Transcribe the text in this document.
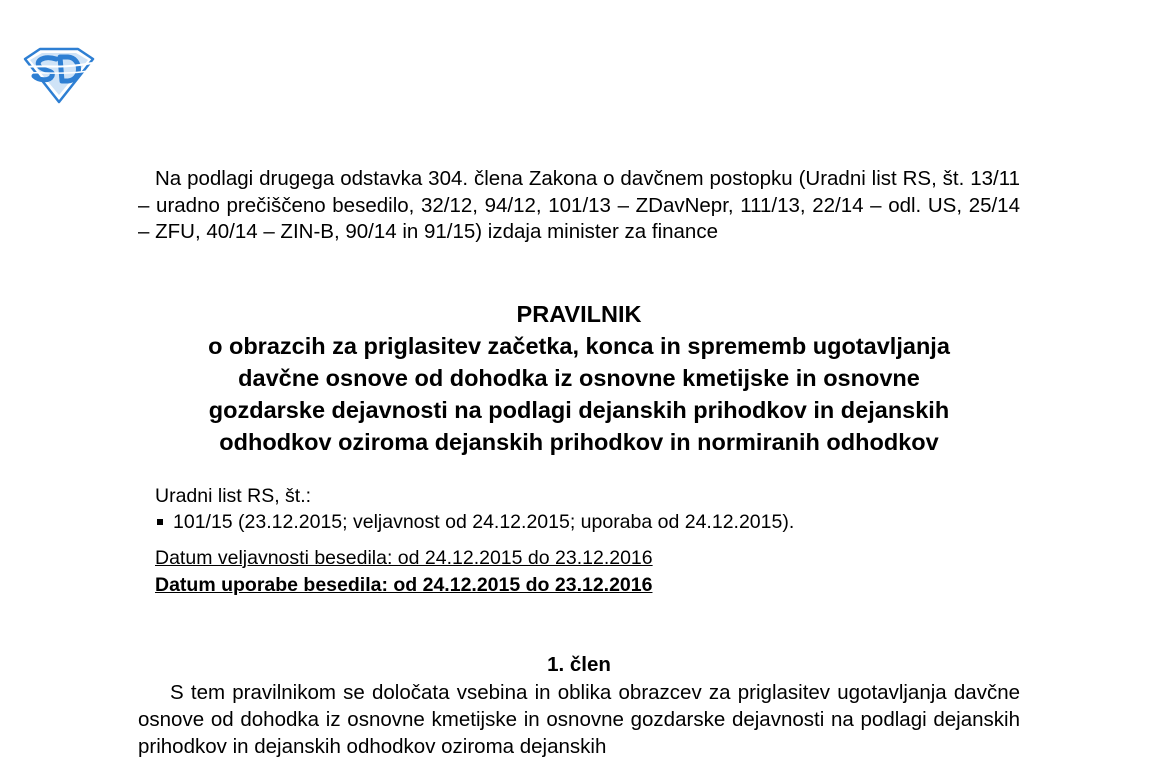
Na podlagi drugega odstavka 304. člena Zakona o davčnem postopku (Uradni list RS, št. 13/11 – uradno prečiščeno besedilo, 32/12, 94/12, 101/13 – ZDavNepr, 111/13, 22/14 – odl. US, 25/14 – ZFU, 40/14 – ZIN-B, 90/14 in 91/15) izdaja minister za finance

PRAVILNIK
o obrazcih za priglasitev začetka, konca in sprememb ugotavljanja
davčne osnove od dohodka iz osnovne kmetijske in osnovne
gozdarske dejavnosti na podlagi dejanskih prihodkov in dejanskih
odhodkov oziroma dejanskih prihodkov in normiranih odhodkov
Uradni list RS, št.:
101/15 (23.12.2015; veljavnost od 24.12.2015; uporaba od 24.12.2015).
Datum veljavnosti besedila: od 24.12.2015 do 23.12.2016
Datum uporabe besedila: od 24.12.2015 do 23.12.2016
1. člen

S tem pravilnikom se določata vsebina in oblika obrazcev za priglasitev ugotavljanja davčne osnove od dohodka iz osnovne kmetijske in osnovne gozdarske dejavnosti na podlagi dejanskih prihodkov in dejanskih odhodkov oziroma dejanskih
